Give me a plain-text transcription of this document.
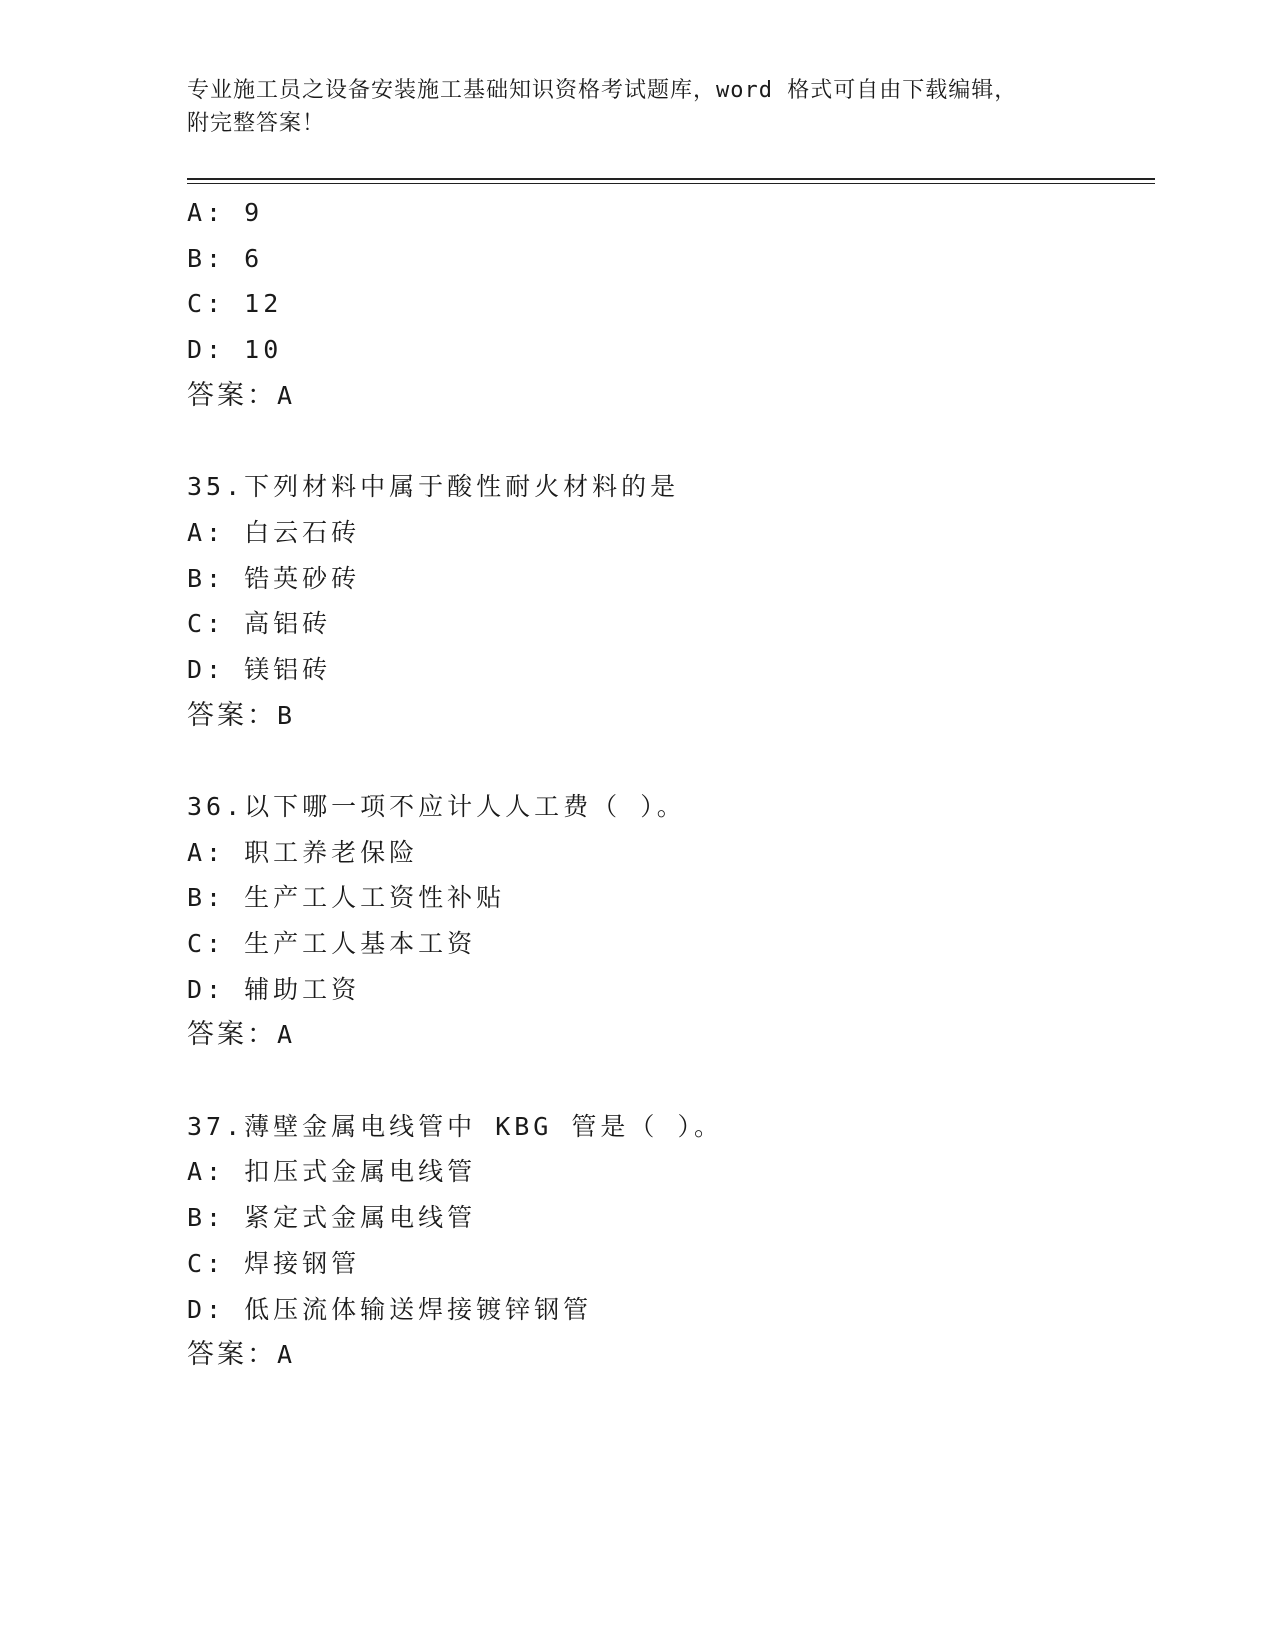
专业施工员之设备安装施工基础知识资格考试题库，word 格式可自由下载编辑，
附完整答案！
A: 9
B: 6
C: 12
D: 10
答案：A
35.下列材料中属于酸性耐火材料的是
A: 白云石砖
B: 锆英砂砖
C: 高铝砖
D: 镁铝砖
答案：B
36.以下哪一项不应计人人工费（ ）。
A: 职工养老保险
B: 生产工人工资性补贴
C: 生产工人基本工资
D: 辅助工资
答案：A
37.薄壁金属电线管中 KBG 管是（ ）。
A: 扣压式金属电线管
B: 紧定式金属电线管
C: 焊接钢管
D: 低压流体输送焊接镀锌钢管
答案：A
